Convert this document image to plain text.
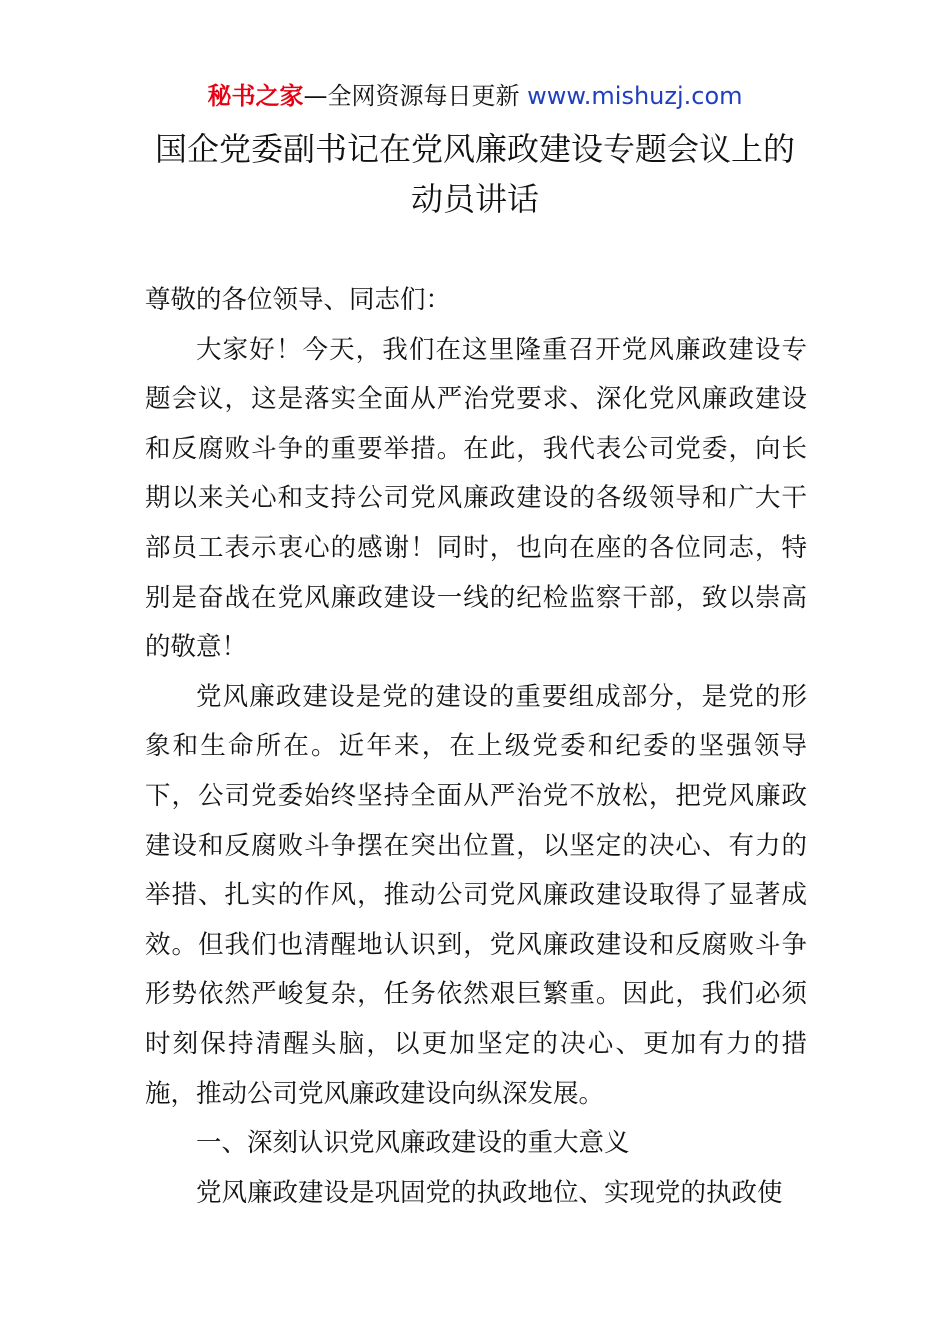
秘书之家—全网资源每日更新 www.mishuzj.com
国企党委副书记在党风廉政建设专题会议上的
动员讲话

尊敬的各位领导、同志们：

大家好！今天，我们在这里隆重召开党风廉政建设专题会议，这是落实全面从严治党要求、深化党风廉政建设和反腐败斗争的重要举措。在此，我代表公司党委，向长期以来关心和支持公司党风廉政建设的各级领导和广大干部员工表示衷心的感谢！同时，也向在座的各位同志，特别是奋战在党风廉政建设一线的纪检监察干部，致以崇高的敬意！

党风廉政建设是党的建设的重要组成部分，是党的形象和生命所在。近年来，在上级党委和纪委的坚强领导下，公司党委始终坚持全面从严治党不放松，把党风廉政建设和反腐败斗争摆在突出位置，以坚定的决心、有力的举措、扎实的作风，推动公司党风廉政建设取得了显著成效。但我们也清醒地认识到，党风廉政建设和反腐败斗争形势依然严峻复杂，任务依然艰巨繁重。因此，我们必须时刻保持清醒头脑，以更加坚定的决心、更加有力的措施，推动公司党风廉政建设向纵深发展。

一、深刻认识党风廉政建设的重大意义

党风廉政建设是巩固党的执政地位、实现党的执政使
